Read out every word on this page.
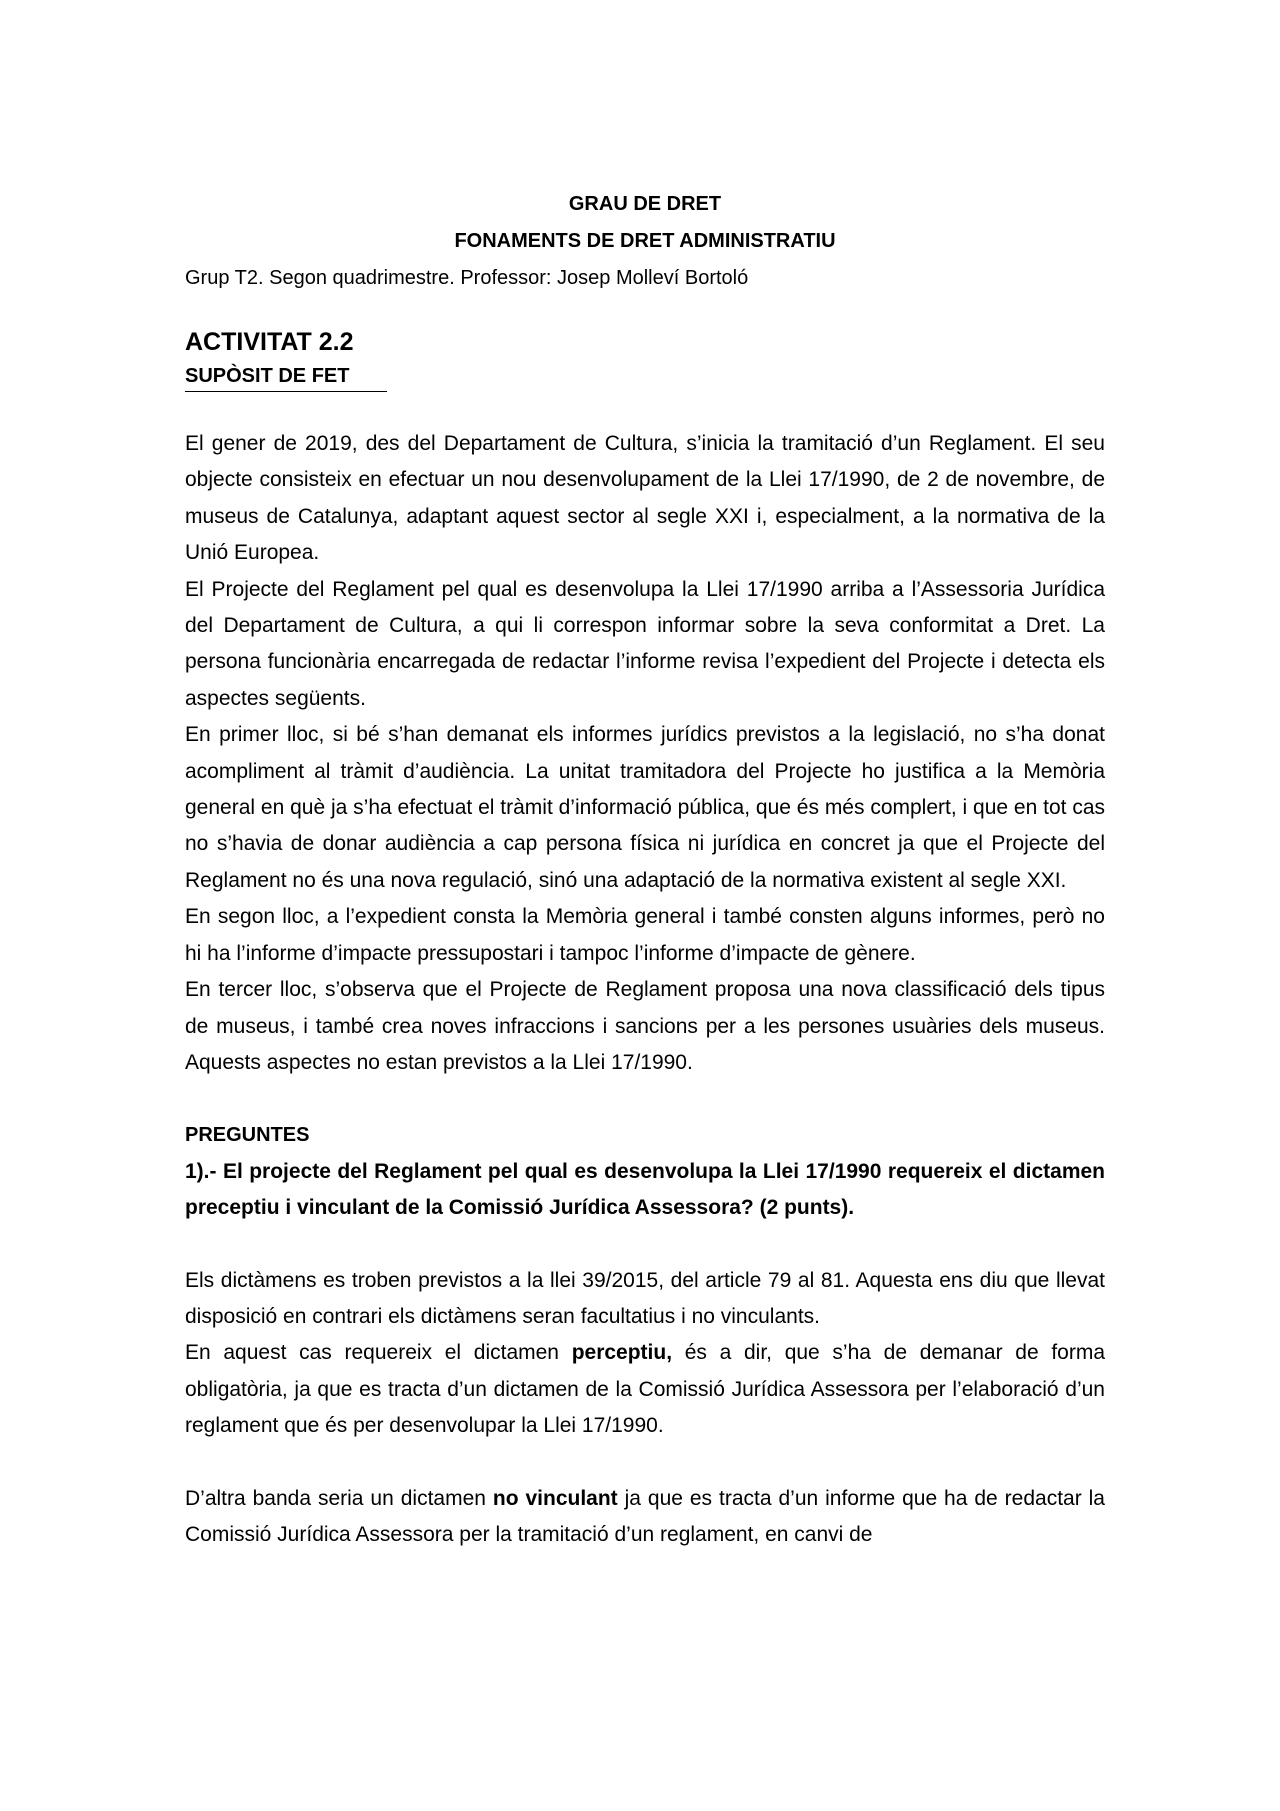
GRAU DE DRET
FONAMENTS DE DRET ADMINISTRATIU
Grup T2. Segon quadrimestre. Professor: Josep Molleví Bortoló
ACTIVITAT 2.2
SUPÒSIT DE FET

El gener de 2019, des del Departament de Cultura, s’inicia la tramitació d’un Reglament. El seu objecte consisteix en efectuar un nou desenvolupament de la Llei 17/1990, de 2 de novembre, de museus de Catalunya, adaptant aquest sector al segle XXI i, especialment, a la normativa de la Unió Europea.

El Projecte del Reglament pel qual es desenvolupa la Llei 17/1990 arriba a l’Assessoria Jurídica del Departament de Cultura, a qui li correspon informar sobre la seva conformitat a Dret. La persona funcionària encarregada de redactar l’informe revisa l’expedient del Projecte i detecta els aspectes següents.

En primer lloc, si bé s’han demanat els informes jurídics previstos a la legislació, no s’ha donat acompliment al tràmit d’audiència. La unitat tramitadora del Projecte ho justifica a la Memòria general en què ja s’ha efectuat el tràmit d’informació pública, que és més complert, i que en tot cas no s’havia de donar audiència a cap persona física ni jurídica en concret ja que el Projecte del Reglament no és una nova regulació, sinó una adaptació de la normativa existent al segle XXI.

En segon lloc, a l’expedient consta la Memòria general i també consten alguns informes, però no hi ha l’informe d’impacte pressupostari i tampoc l’informe d’impacte de gènere.

En tercer lloc, s’observa que el Projecte de Reglament proposa una nova classificació dels tipus de museus, i també crea noves infraccions i sancions per a les persones usuàries dels museus. Aquests aspectes no estan previstos a la Llei 17/1990.

PREGUNTES

1).- El projecte del Reglament pel qual es desenvolupa la Llei 17/1990 requereix el dictamen preceptiu i vinculant de la Comissió Jurídica Assessora? (2 punts).

Els dictàmens es troben previstos a la llei 39/2015, del article 79 al 81. Aquesta ens diu que llevat disposició en contrari els dictàmens seran facultatius i no vinculants.

En aquest cas requereix el dictamen perceptiu, és a dir, que s’ha de demanar de forma obligatòria, ja que es tracta d’un dictamen de la Comissió Jurídica Assessora per l’elaboració d’un reglament que és per desenvolupar la Llei 17/1990.

D’altra banda seria un dictamen no vinculant ja que es tracta d’un informe que ha de redactar la Comissió Jurídica Assessora per la tramitació d’un reglament, en canvi de
